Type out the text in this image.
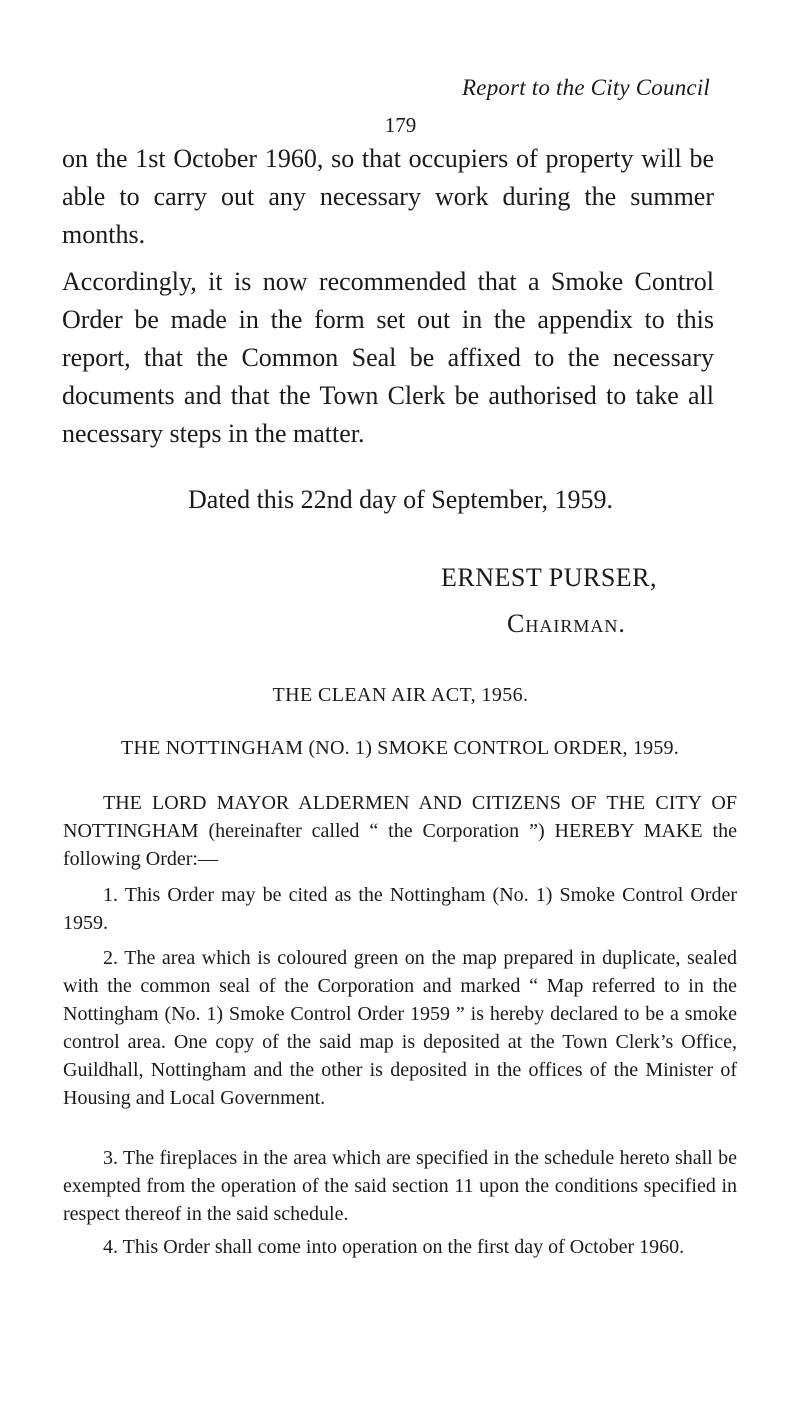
Report to the City Council
179

on the 1st October 1960, so that occupiers of property will be able to carry out any necessary work during the summer months.

Accordingly, it is now recommended that a Smoke Control Order be made in the form set out in the appendix to this report, that the Common Seal be affixed to the necessary documents and that the Town Clerk be authorised to take all necessary steps in the matter.

Dated this 22nd day of September, 1959.
ERNEST PURSER,
Chairman.
THE CLEAN AIR ACT, 1956.
THE NOTTINGHAM (NO. 1) SMOKE CONTROL ORDER, 1959.

THE LORD MAYOR ALDERMEN AND CITIZENS OF THE CITY OF NOTTINGHAM (hereinafter called “ the Corporation ”) HEREBY MAKE the following Order:—

1. This Order may be cited as the Nottingham (No. 1) Smoke Control Order 1959.

2. The area which is coloured green on the map prepared in duplicate, sealed with the common seal of the Corporation and marked “ Map referred to in the Nottingham (No. 1) Smoke Control Order 1959 ” is hereby declared to be a smoke control area. One copy of the said map is deposited at the Town Clerk’s Office, Guildhall, Nottingham and the other is deposited in the offices of the Minister of Housing and Local Government.

3. The fireplaces in the area which are specified in the schedule hereto shall be exempted from the operation of the said section 11 upon the conditions specified in respect thereof in the said schedule.

4. This Order shall come into operation on the first day of October 1960.
